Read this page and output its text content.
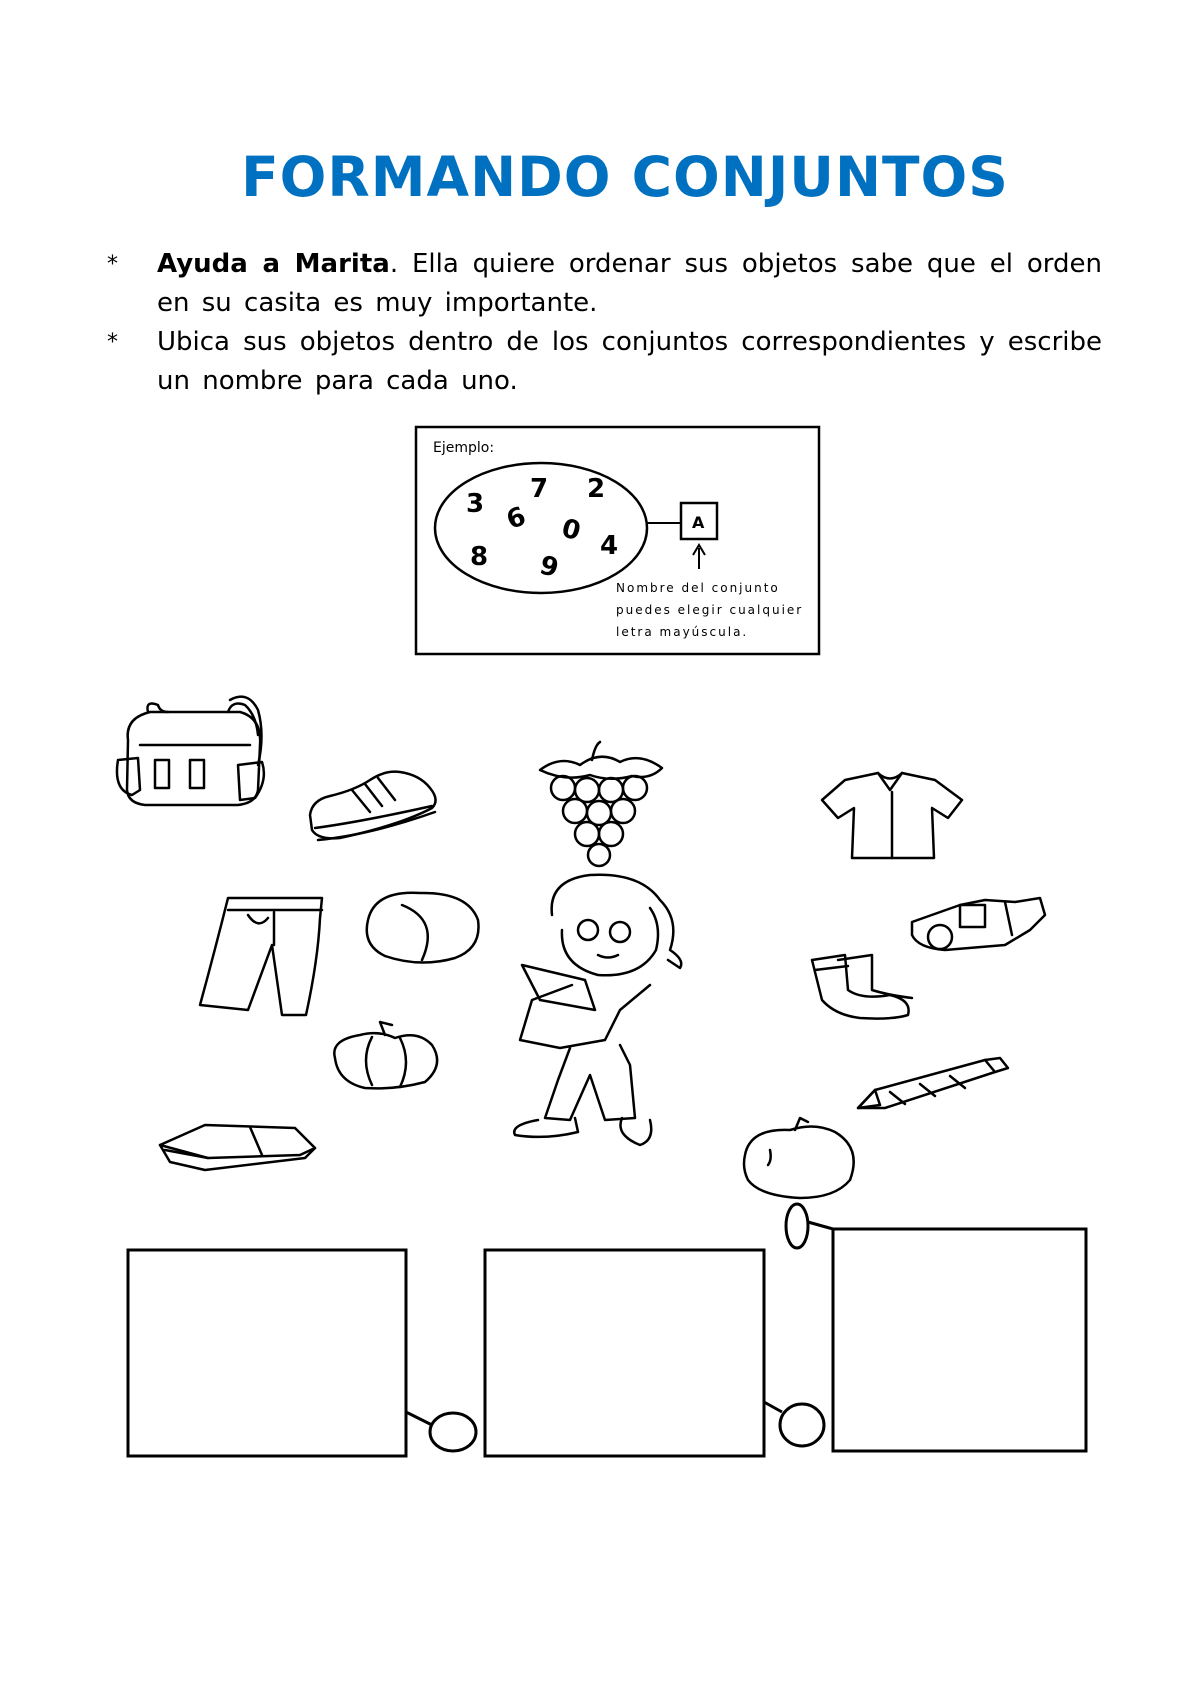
FORMANDO CONJUNTOS
*	Ayuda a Marita. Ella quiere ordenar sus objetos sabe que el orden en su casita es muy importante.
*	Ubica sus objetos dentro de los conjuntos correspondientes y escribe un nombre para cada uno.
Ejemplo:
3 7 2
6 0 4
8 9
A
Nombre del conjunto
puedes elegir cualquier
letra mayúscula.
